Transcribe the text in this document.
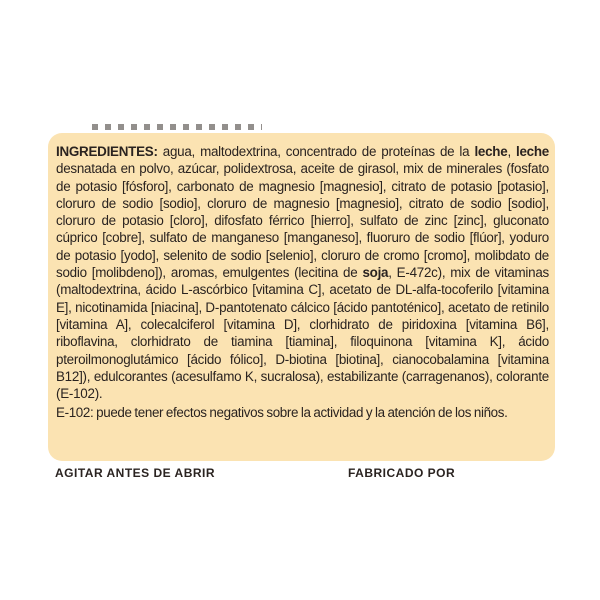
INGREDIENTES: agua, maltodextrina, concentrado de proteínas de la leche, leche desnatada en polvo, azúcar, polidextrosa, aceite de girasol, mix de minerales (fosfato de potasio [fósforo], carbonato de magnesio [magnesio], citrato de potasio [potasio], cloruro de sodio [sodio], cloruro de magnesio [magnesio], citrato de sodio [sodio], cloruro de potasio [cloro], difosfato férrico [hierro], sulfato de zinc [zinc], gluconato cúprico [cobre], sulfato de manganeso [manganeso], fluoruro de sodio [flúor], yoduro de potasio [yodo], selenito de sodio [selenio], cloruro de cromo [cromo], molibdato de sodio [molibdeno]), aromas, emulgentes (lecitina de soja, E-472c), mix de vitaminas (maltodextrina, ácido L-ascórbico [vitamina C], acetato de DL-alfa-tocoferilo [vitamina E], nicotinamida [niacina], D-pantotenato cálcico [ácido pantoténico], acetato de retinilo [vitamina A], colecalciferol [vitamina D], clorhidrato de piridoxina [vitamina B6], riboflavina, clorhidrato de tiamina [tiamina], filoquinona [vitamina K], ácido pteroilmonoglutámico [ácido fólico], D-biotina [biotina], cianocobalamina [vitamina B12]), edulcorantes (acesulfamo K, sucralosa), estabilizante (carragenanos), colorante (E-102).

E-102: puede tener efectos negativos sobre la actividad y la atención de los niños.

AGITAR ANTES DE ABRIR	FABRICADO POR
